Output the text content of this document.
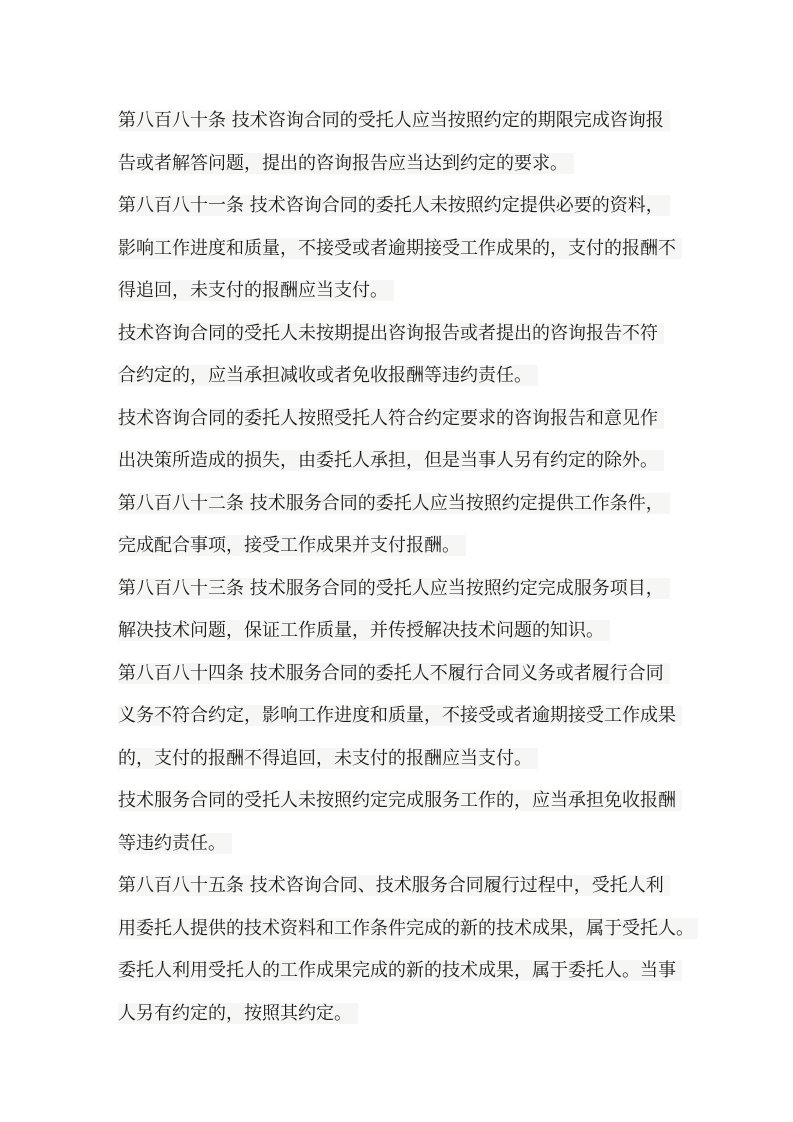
第八百八十条 技术咨询合同的受托人应当按照约定的期限完成咨询报
告或者解答问题，提出的咨询报告应当达到约定的要求。
第八百八十一条 技术咨询合同的委托人未按照约定提供必要的资料，
影响工作进度和质量，不接受或者逾期接受工作成果的，支付的报酬不
得追回，未支付的报酬应当支付。
技术咨询合同的受托人未按期提出咨询报告或者提出的咨询报告不符
合约定的，应当承担减收或者免收报酬等违约责任。
技术咨询合同的委托人按照受托人符合约定要求的咨询报告和意见作
出决策所造成的损失，由委托人承担，但是当事人另有约定的除外。
第八百八十二条 技术服务合同的委托人应当按照约定提供工作条件，
完成配合事项，接受工作成果并支付报酬。
第八百八十三条 技术服务合同的受托人应当按照约定完成服务项目，
解决技术问题，保证工作质量，并传授解决技术问题的知识。
第八百八十四条 技术服务合同的委托人不履行合同义务或者履行合同
义务不符合约定，影响工作进度和质量，不接受或者逾期接受工作成果
的，支付的报酬不得追回，未支付的报酬应当支付。
技术服务合同的受托人未按照约定完成服务工作的，应当承担免收报酬
等违约责任。
第八百八十五条 技术咨询合同、技术服务合同履行过程中，受托人利
用委托人提供的技术资料和工作条件完成的新的技术成果，属于受托人。
委托人利用受托人的工作成果完成的新的技术成果，属于委托人。当事
人另有约定的，按照其约定。
